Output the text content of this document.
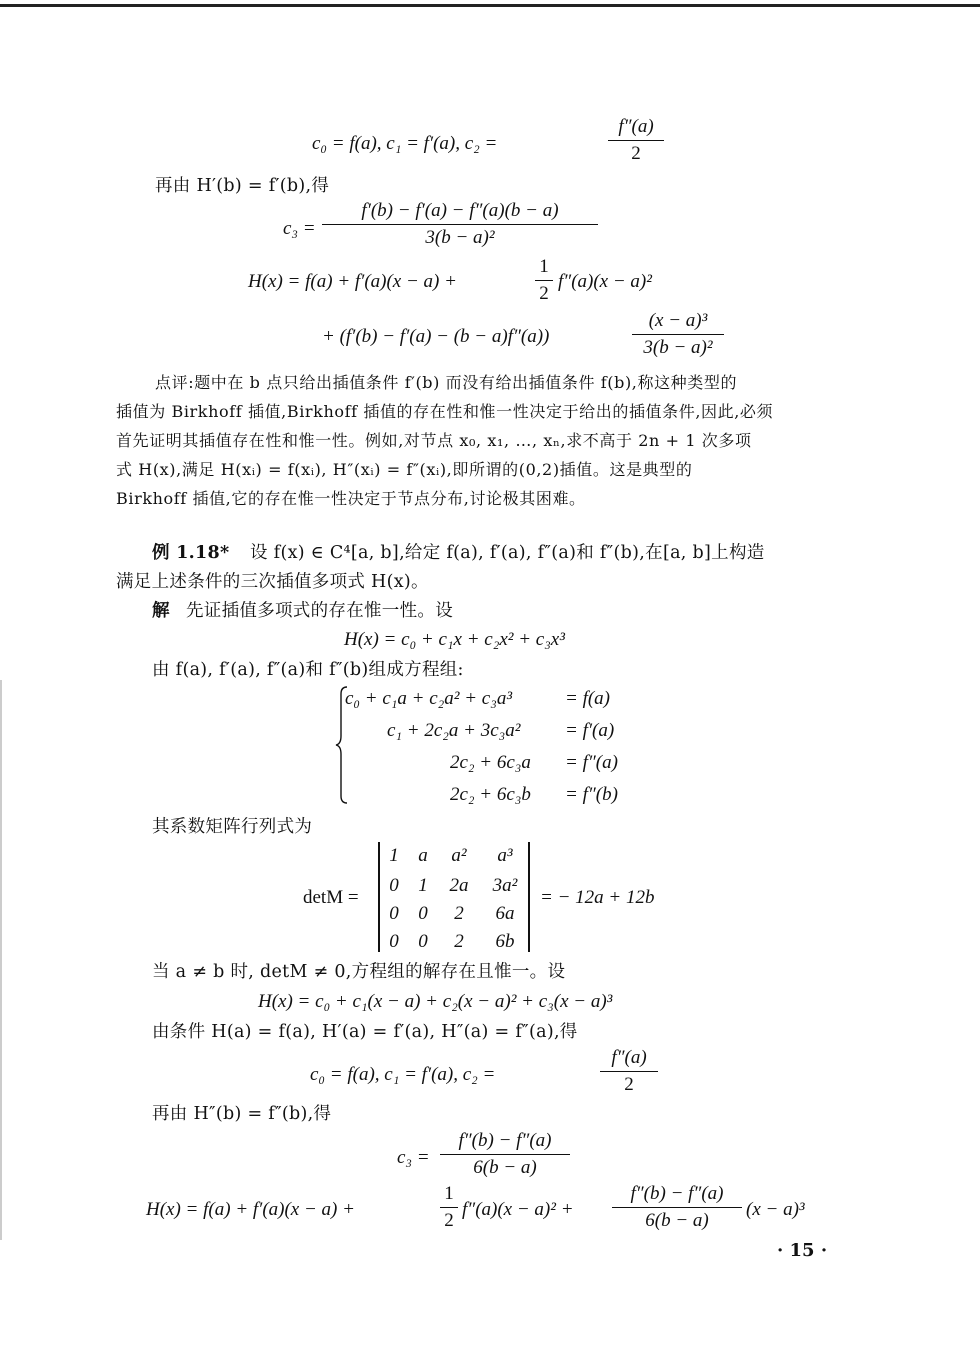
c₀ = f(a), c₁ = f′(a), c₂ =
f″(a)
2
再由 H′(b) = f′(b),得
c₃ =
f′(b) − f′(a) − f″(a)(b − a)
3(b − a)²
H(x) = f(a) + f′(a)(x − a) +
1
2
f″(a)(x − a)²
+ (f′(b) − f′(a) − (b − a)f″(a))
(x − a)³
3(b − a)²
点评:题中在 b 点只给出插值条件 f′(b) 而没有给出插值条件 f(b),称这种类型的
插值为 Birkhoff 插值,Birkhoff 插值的存在性和惟一性决定于给出的插值条件,因此,必须
首先证明其插值存在性和惟一性。例如,对节点 x₀, x₁, …, xₙ,求不高于 2n + 1 次多项
式 H(x),满足 H(xᵢ) = f(xᵢ), H″(xᵢ) = f″(xᵢ),即所谓的(0,2)插值。这是典型的
Birkhoff 插值,它的存在惟一性决定于节点分布,讨论极其困难。
例 1.18* 设 f(x) ∈ C⁴[a, b],给定 f(a), f′(a), f″(a)和 f″(b),在[a, b]上构造
满足上述条件的三次插值多项式 H(x)。
解 先证插值多项式的存在惟一性。设
H(x) = c₀ + c₁x + c₂x² + c₃x³
由 f(a), f′(a), f″(a)和 f″(b)组成方程组:
c₀ + c₁a + c₂a² + c₃a³	= f(a)
c₁ + 2c₂a + 3c₃a² = f′(a)
2c₂ + 6c₃a = f″(a)
2c₂ + 6c₃b = f″(b)
其系数矩阵行列式为
detM =
1	a	a²	a³
0	1	2a	3a²
0	0	2	6a
0	0	2	6b
= − 12a + 12b
当 a ≠ b 时, detM ≠ 0,方程组的解存在且惟一。设
H(x) = c₀ + c₁(x − a) + c₂(x − a)² + c₃(x − a)³
由条件 H(a) = f(a), H′(a) = f′(a), H″(a) = f″(a),得
c₀ = f(a), c₁ = f′(a), c₂ =
f″(a)
2
再由 H″(b) = f″(b),得
c₃ =
f″(b) − f″(a)
6(b − a)
H(x) = f(a) + f′(a)(x − a) +
1
2
f″(a)(x − a)² +
f″(b) − f″(a)
6(b − a)
(x − a)³
· 15 ·
